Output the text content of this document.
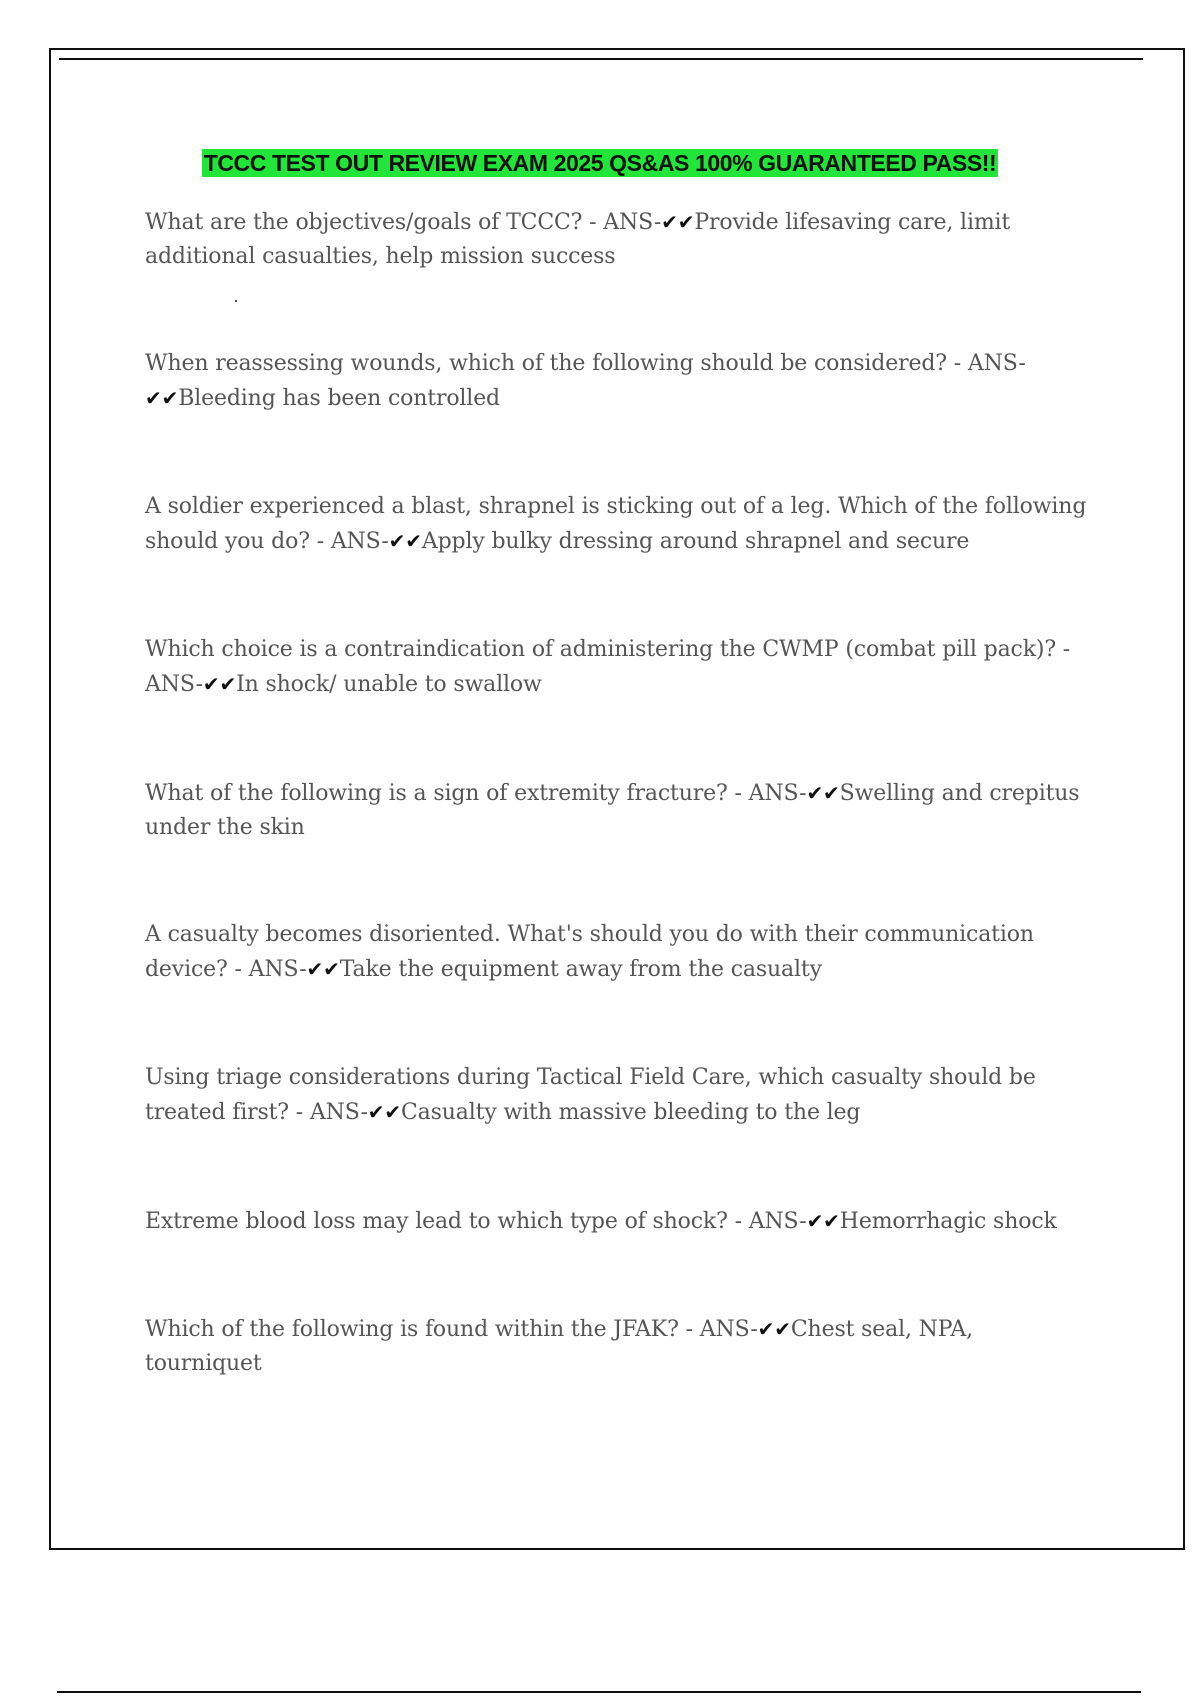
TCCC TEST OUT REVIEW EXAM 2025 QS&AS 100% GUARANTEED PASS!!

What are the objectives/goals of TCCC? - ANS-✔✔Provide lifesaving care, limit additional casualties, help mission success

When reassessing wounds, which of the following should be considered? - ANS-✔✔Bleeding has been controlled

A soldier experienced a blast, shrapnel is sticking out of a leg. Which of the following should you do? - ANS-✔✔Apply bulky dressing around shrapnel and secure

Which choice is a contraindication of administering the CWMP (combat pill pack)? - ANS-✔✔In shock/ unable to swallow

What of the following is a sign of extremity fracture? - ANS-✔✔Swelling and crepitus under the skin

A casualty becomes disoriented. What's should you do with their communication device? - ANS-✔✔Take the equipment away from the casualty

Using triage considerations during Tactical Field Care, which casualty should be treated first? - ANS-✔✔Casualty with massive bleeding to the leg

Extreme blood loss may lead to which type of shock? - ANS-✔✔Hemorrhagic shock

Which of the following is found within the JFAK? - ANS-✔✔Chest seal, NPA, tourniquet
